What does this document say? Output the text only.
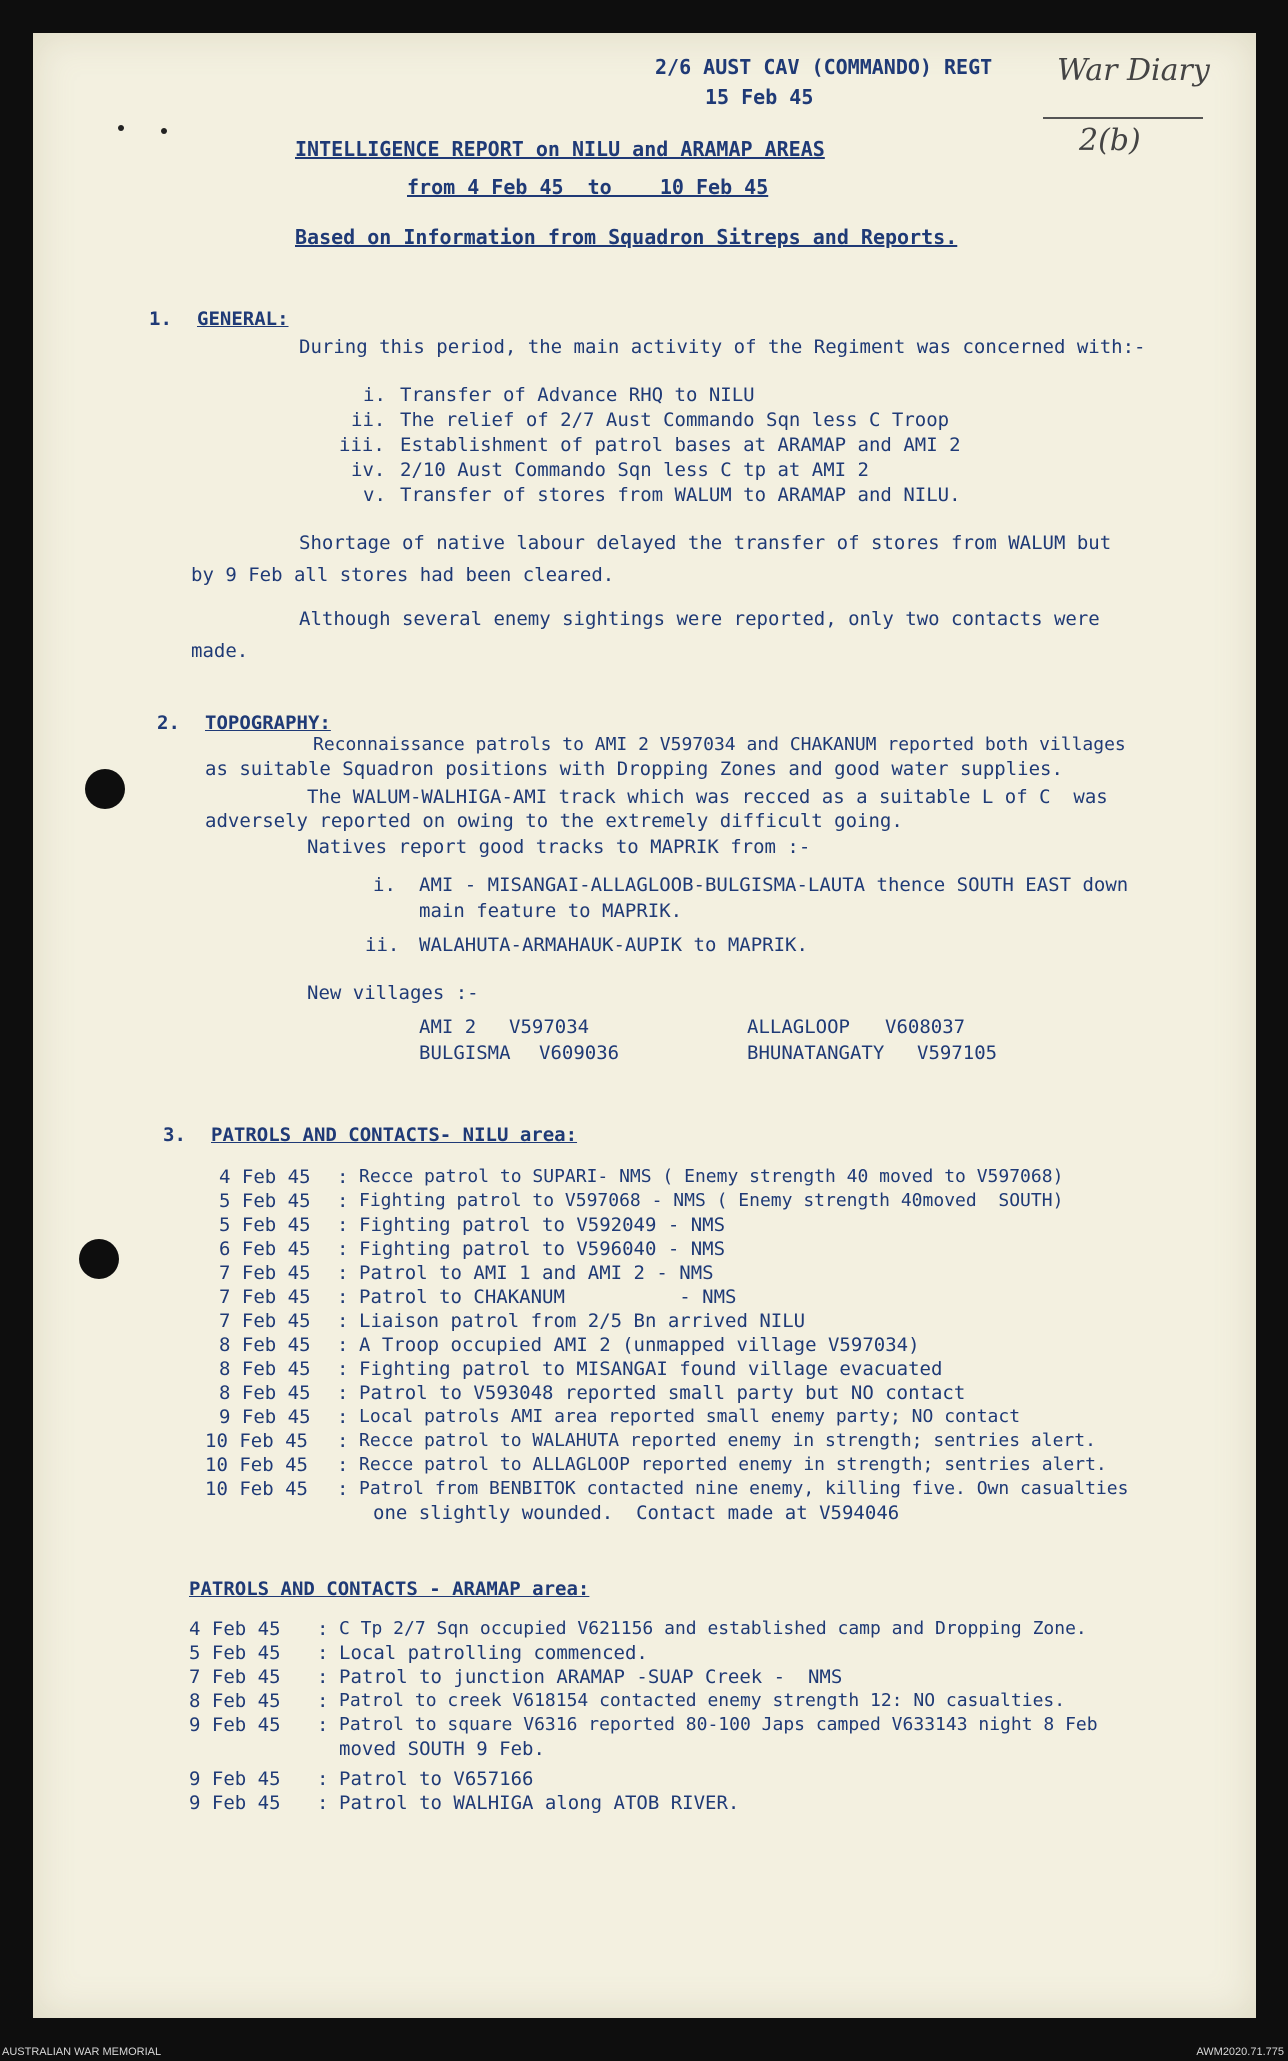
2/6 AUST CAV (COMMANDO) REGT
15 Feb 45
War Diary
2(b)
INTELLIGENCE REPORT on NILU and ARAMAP AREAS
from 4 Feb 45  to    10 Feb 45
Based on Information from Squadron Sitreps and Reports.
1. GENERAL:
During this period, the main activity of the Regiment was concerned with:-
i. Transfer of Advance RHQ to NILU
ii. The relief of 2/7 Aust Commando Sqn less C Troop
iii. Establishment of patrol bases at ARAMAP and AMI 2
iv. 2/10 Aust Commando Sqn less C tp at AMI 2
v. Transfer of stores from WALUM to ARAMAP and NILU.
Shortage of native labour delayed the transfer of stores from WALUM but
by 9 Feb all stores had been cleared.
Although several enemy sightings were reported, only two contacts were
made.
2. TOPOGRAPHY:
Reconnaissance patrols to AMI 2 V597034 and CHAKANUM reported both villages
as suitable Squadron positions with Dropping Zones and good water supplies.
The WALUM-WALHIGA-AMI track which was recced as a suitable L of C  was
adversely reported on owing to the extremely difficult going.
Natives report good tracks to MAPRIK from :-
i. AMI - MISANGAI-ALLAGLOOB-BULGISMA-LAUTA thence SOUTH EAST down
main feature to MAPRIK.
ii. WALAHUTA-ARMAHAUK-AUPIK to MAPRIK.
New villages :-
AMI 2 V597034
BULGISMA V609036
ALLAGLOOP V608037
BHUNATANGATY V597105
3. PATROLS AND CONTACTS- NILU area:
4 Feb 45 : Recce patrol to SUPARI- NMS ( Enemy strength 40 moved to V597068)
5 Feb 45 : Fighting patrol to V597068 - NMS ( Enemy strength 40moved  SOUTH)
5 Feb 45 : Fighting patrol to V592049 - NMS
6 Feb 45 : Fighting patrol to V596040 - NMS
7 Feb 45 : Patrol to AMI 1 and AMI 2 - NMS
7 Feb 45 : Patrol to CHAKANUM          - NMS
7 Feb 45 : Liaison patrol from 2/5 Bn arrived NILU
8 Feb 45 : A Troop occupied AMI 2 (unmapped village V597034)
8 Feb 45 : Fighting patrol to MISANGAI found village evacuated
8 Feb 45 : Patrol to V593048 reported small party but NO contact
9 Feb 45 : Local patrols AMI area reported small enemy party; NO contact
10 Feb 45 : Recce patrol to WALAHUTA reported enemy in strength; sentries alert.
10 Feb 45 : Recce patrol to ALLAGLOOP reported enemy in strength; sentries alert.
10 Feb 45 : Patrol from BENBITOK contacted nine enemy, killing five. Own casualties
one slightly wounded.  Contact made at V594046
PATROLS AND CONTACTS - ARAMAP area:
4 Feb 45 : C Tp 2/7 Sqn occupied V621156 and established camp and Dropping Zone.
5 Feb 45 : Local patrolling commenced.
7 Feb 45 : Patrol to junction ARAMAP -SUAP Creek -  NMS
8 Feb 45 : Patrol to creek V618154 contacted enemy strength 12: NO casualties.
9 Feb 45 : Patrol to square V6316 reported 80-100 Japs camped V633143 night 8 Feb
moved SOUTH 9 Feb.
9 Feb 45 : Patrol to V657166
9 Feb 45 : Patrol to WALHIGA along ATOB RIVER.
AUSTRALIAN WAR MEMORIAL	AWM2020.71.775
